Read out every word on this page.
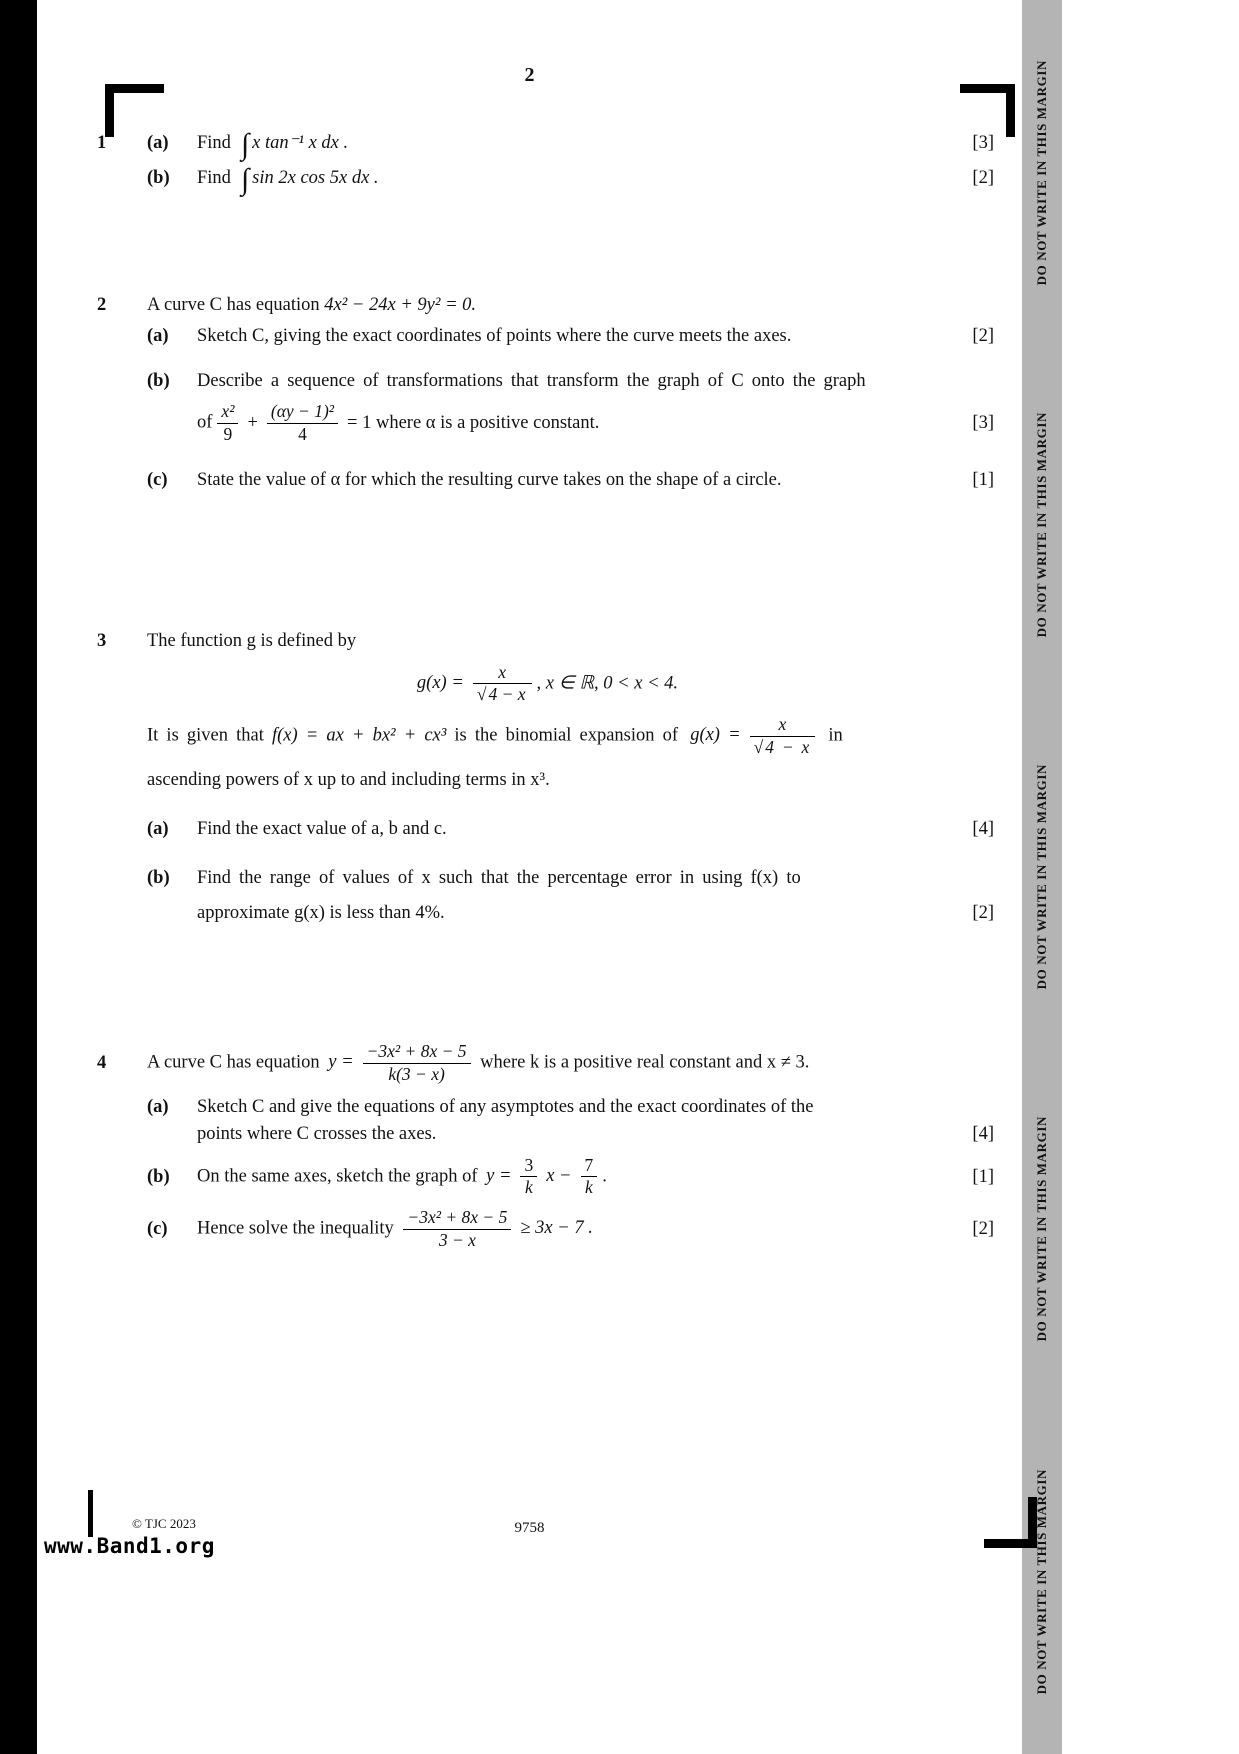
2
1	(a)	Find ∫ x tan⁻¹ x dx .	[3]
(b)	Find ∫ sin 2x cos 5x dx .	[2]
2	A curve C has equation 4x² − 24x + 9y² = 0.
(a)	Sketch C, giving the exact coordinates of points where the curve meets the axes.	[2]
(b)	Describe a sequence of transformations that transform the graph of C onto the graph
of $\frac{\text{x²}}{9} + \frac{\text{(αy − 1)²}}{4} = 1$ where α is a positive constant.	[3]
(c)	State the value of α for which the resulting curve takes on the shape of a circle.	[1]
3	The function g is defined by
$g(x) = \frac{x}{√ 4 - x}$ , x ∈ ℝ, 0 < x < 4.
It is given that f(x) = ax + bx² + cx³ is the binomial expansion of $g(x) = \frac{x}{√ 4 - x}$ in
ascending powers of x up to and including terms in x³.
(a)	Find the exact value of a, b and c.	[4]
(b)	Find the range of values of x such that the percentage error in using f(x) to
approximate g(x) is less than 4%.	[2]
4	A curve C has equation $y = \frac{\text{−3x² + 8x − 5}}{k(3 - x)}$ where k is a positive real constant and x ≠ 3.
(a)	Sketch C and give the equations of any asymptotes and the exact coordinates of the
points where C crosses the axes.	[4]
(b)	On the same axes, sketch the graph of $y = \frac{3}{k}$ $x - \frac{7}{k}$ .	[1]
(c)	Hence solve the inequality $\frac{\text{−3x² + 8x − 5}}{3 - x} \ge 3x - 7$ .	[2]
© TJC 2023	9758
DO NOT WRITE IN THIS MARGIN
DO NOT WRITE IN THIS MARGIN
DO NOT WRITE IN THIS MARGIN
DO NOT WRITE IN THIS MARGIN
DO NOT WRITE IN THIS MARGIN
www.Band1.org
